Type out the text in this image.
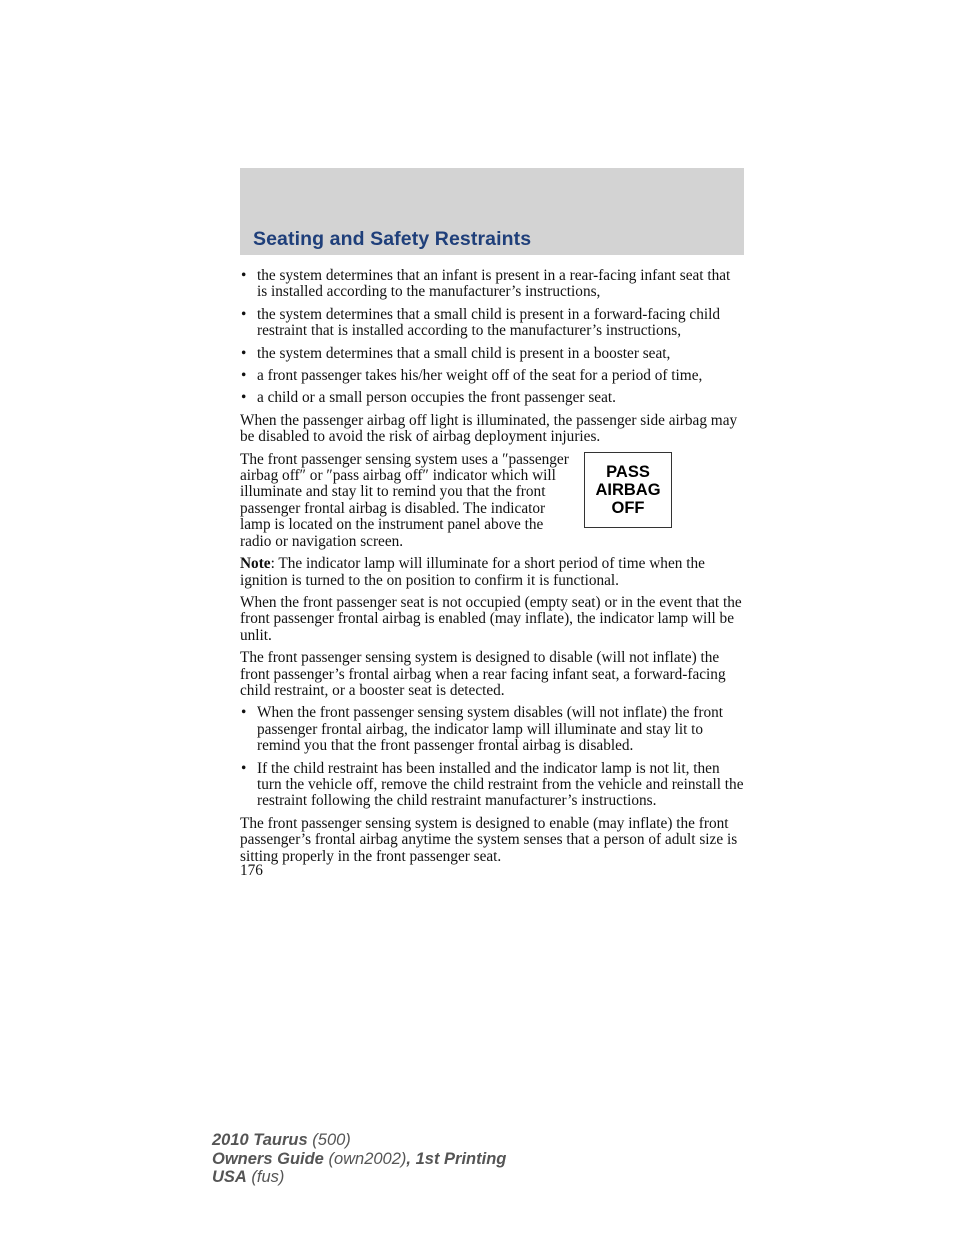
Seating and Safety Restraints
• the system determines that an infant is present in a rear-facing infant seat that is installed according to the manufacturer’s instructions,
• the system determines that a small child is present in a forward-facing child restraint that is installed according to the manufacturer’s instructions,
• the system determines that a small child is present in a booster seat,
• a front passenger takes his/her weight off of the seat for a period of time,
• a child or a small person occupies the front passenger seat.

When the passenger airbag off light is illuminated, the passenger side airbag may be disabled to avoid the risk of airbag deployment injuries.

PASS
AIRBAG
OFF

The front passenger sensing system uses a ″passenger airbag off″ or ″pass airbag off″ indicator which will illuminate and stay lit to remind you that the front passenger frontal airbag is disabled. The indicator lamp is located on the instrument panel above the radio or navigation screen.

Note: The indicator lamp will illuminate for a short period of time when the ignition is turned to the on position to confirm it is functional.

When the front passenger seat is not occupied (empty seat) or in the event that the front passenger frontal airbag is enabled (may inflate), the indicator lamp will be unlit.

The front passenger sensing system is designed to disable (will not inflate) the front passenger’s frontal airbag when a rear facing infant seat, a forward-facing child restraint, or a booster seat is detected.

• When the front passenger sensing system disables (will not inflate) the front passenger frontal airbag, the indicator lamp will illuminate and stay lit to remind you that the front passenger frontal airbag is disabled.
• If the child restraint has been installed and the indicator lamp is not lit, then turn the vehicle off, remove the child restraint from the vehicle and reinstall the restraint following the child restraint manufacturer’s instructions.

The front passenger sensing system is designed to enable (may inflate) the front passenger’s frontal airbag anytime the system senses that a person of adult size is sitting properly in the front passenger seat.

176
2010 Taurus (500)
Owners Guide (own2002), 1st Printing
USA (fus)
